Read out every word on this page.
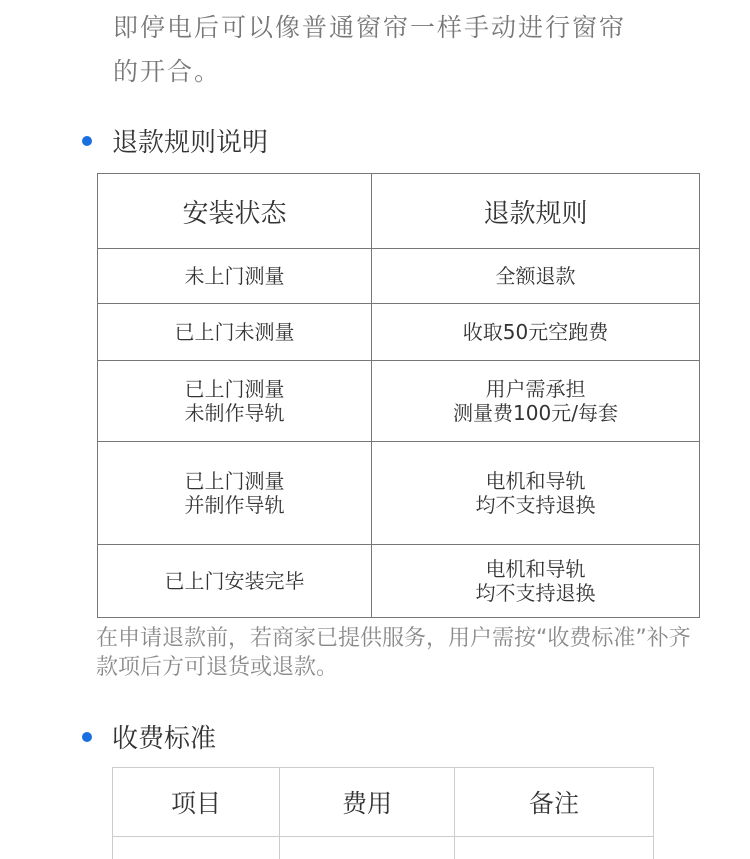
即停电后可以像普通窗帘一样手动进行窗帘
的开合。
退款规则说明
安装状态	退款规则

未上门测量	全额退款

已上门未测量	收取50元空跑费

已上门测量
未制作导轨	用户需承担
测量费100元/每套

已上门测量
并制作导轨	电机和导轨
均不支持退换

已上门安装完毕	电机和导轨
均不支持退换
在申请退款前，若商家已提供服务，用户需按“收费标准”补齐款项后方可退货或退款。
收费标准
项目	费用	备注
